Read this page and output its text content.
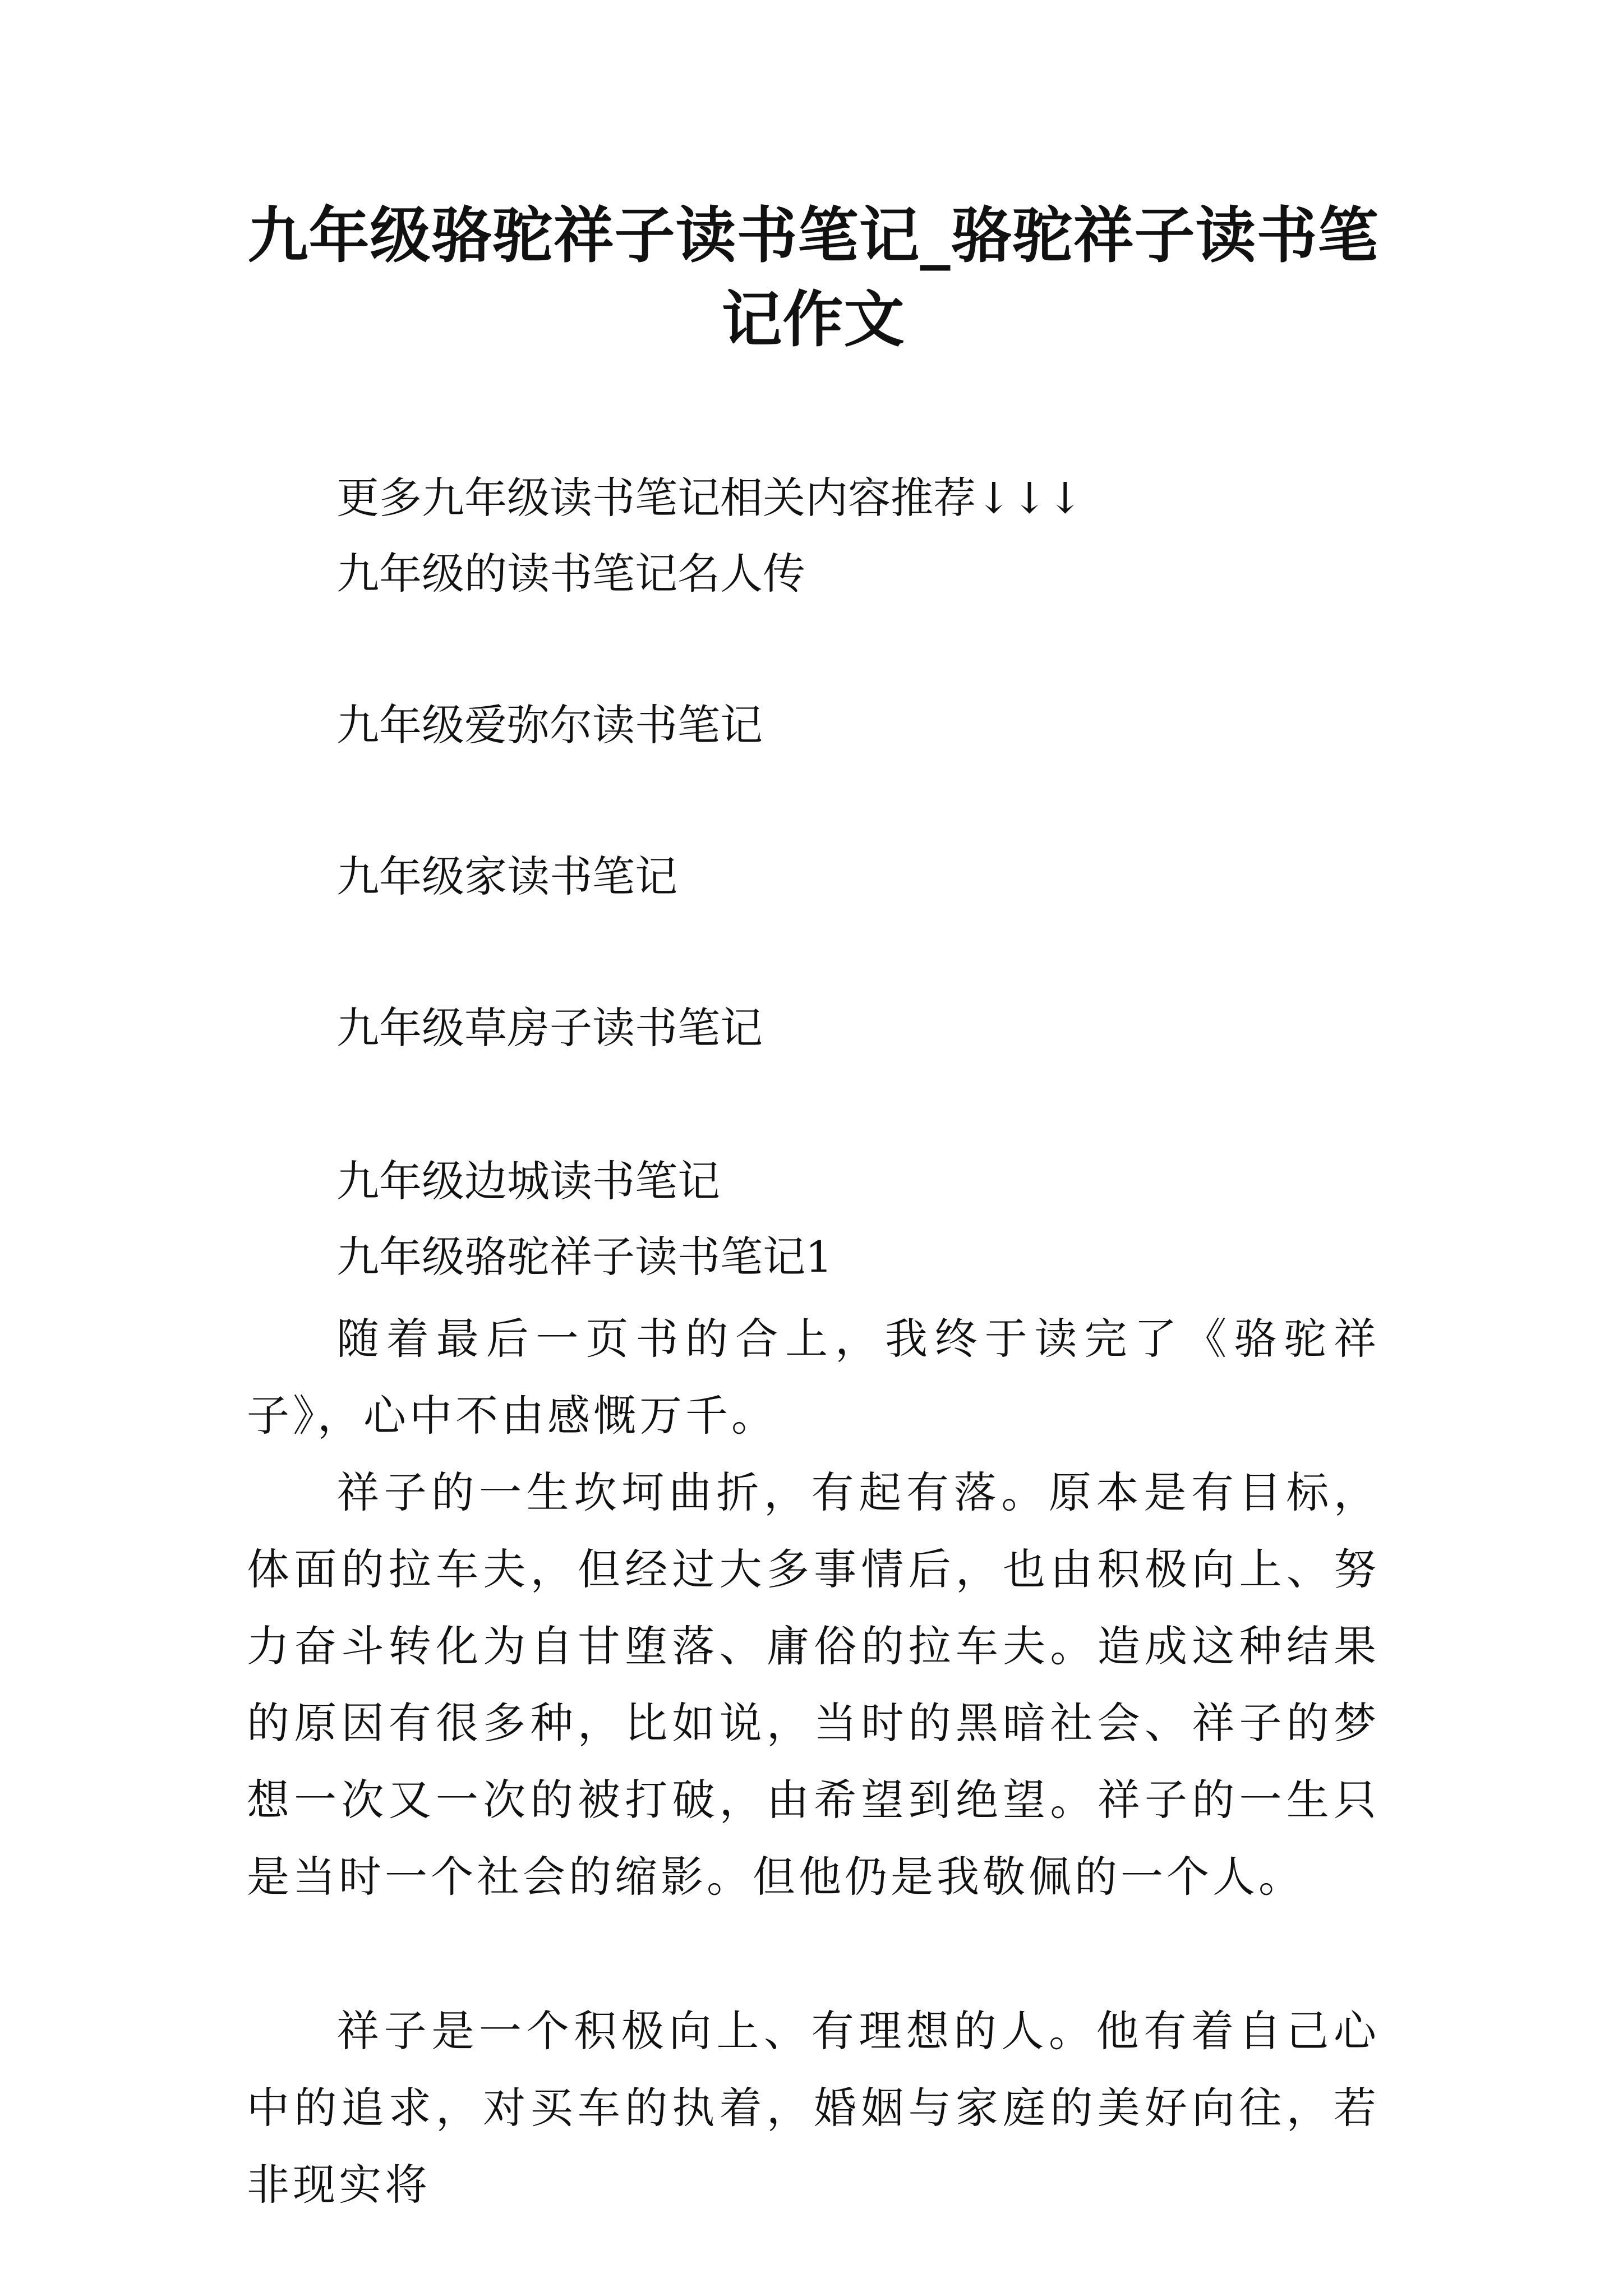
九年级骆驼祥子读书笔记_骆驼祥子读书笔记作文
更多九年级读书笔记相关内容推荐↓↓↓
九年级的读书笔记名人传
九年级爱弥尔读书笔记
九年级家读书笔记
九年级草房子读书笔记
九年级边城读书笔记
九年级骆驼祥子读书笔记1

随着最后一页书的合上，我终于读完了《骆驼祥子》，心中不由感慨万千。

祥子的一生坎坷曲折，有起有落。原本是有目标，体面的拉车夫，但经过大多事情后，也由积极向上、努力奋斗转化为自甘堕落、庸俗的拉车夫。造成这种结果的原因有很多种，比如说，当时的黑暗社会、祥子的梦想一次又一次的被打破，由希望到绝望。祥子的一生只是当时一个社会的缩影。但他仍是我敬佩的一个人。

祥子是一个积极向上、有理想的人。他有着自己心中的追求，对买车的执着，婚姻与家庭的美好向往，若非现实将
